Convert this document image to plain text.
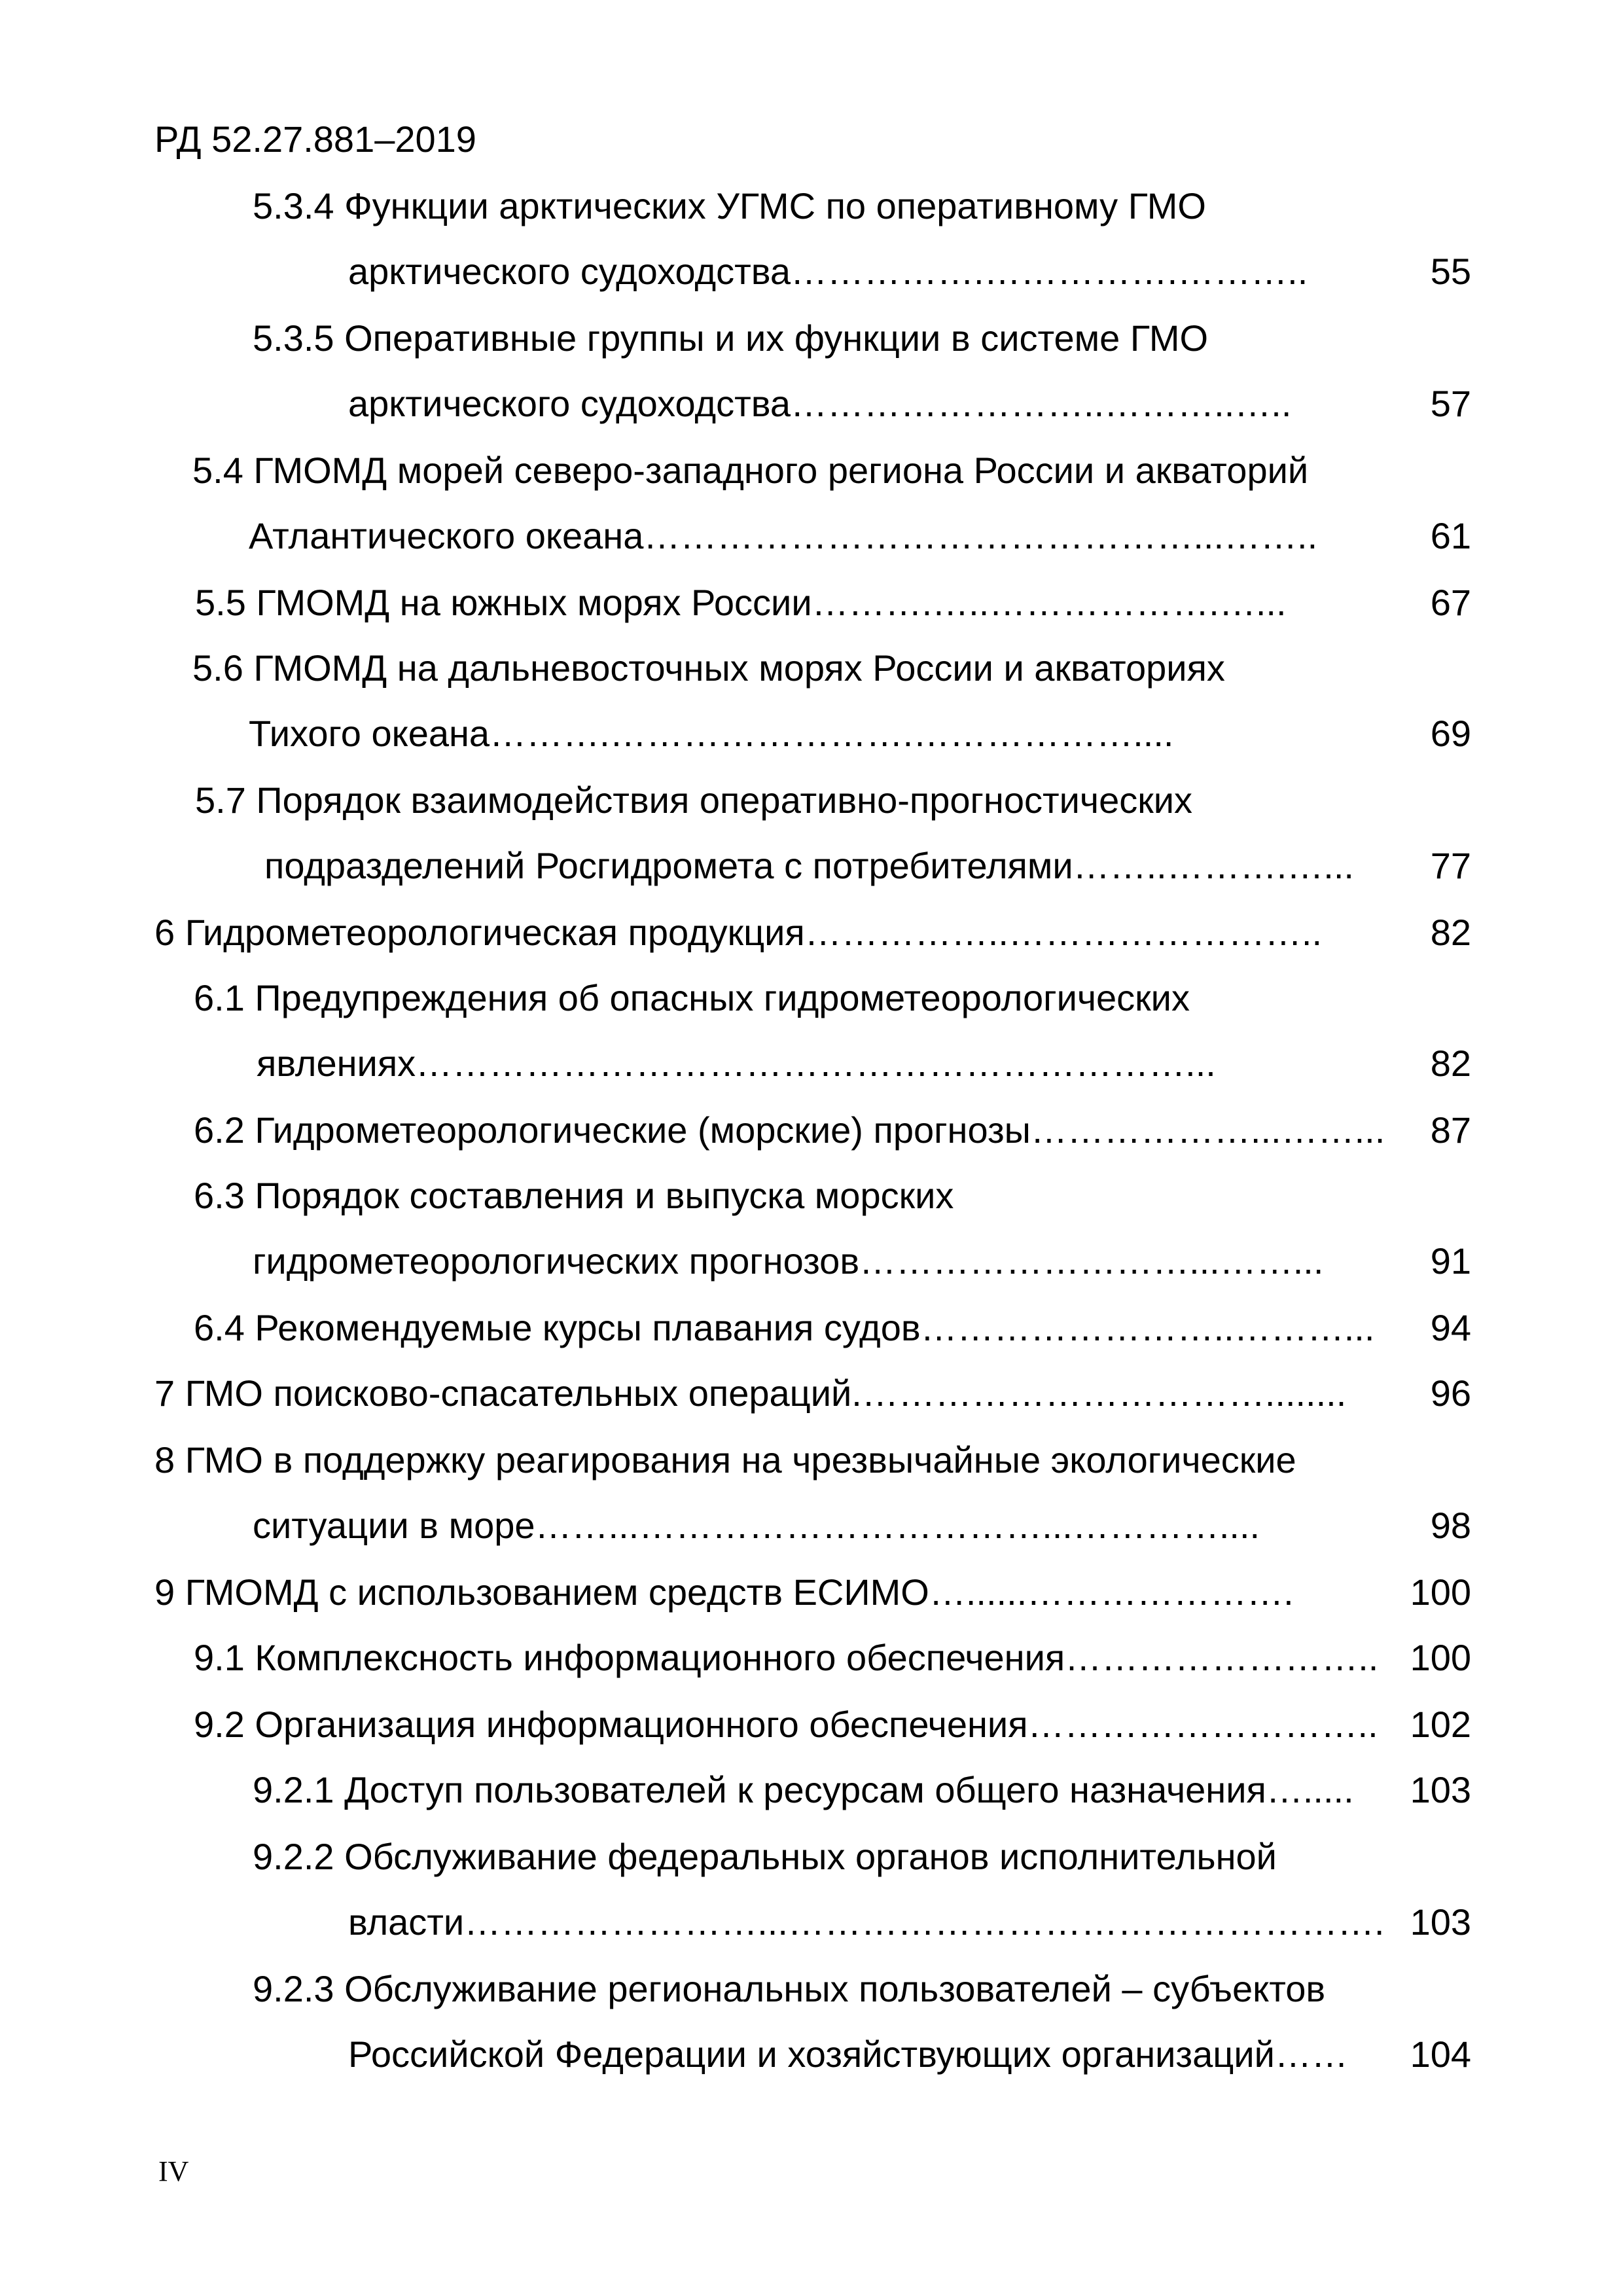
РД 52.27.881–2019
5.3.4 Функции арктических УГМС по оперативному ГМО
арктического судоходства …………….…………….………..	55
5.3.5 Оперативные группы и их функции в системе ГМО
арктического судоходства ……………………..………..…..	57
5.4 ГМОМД морей северо-западного региона России и акваторий
Атлантического океана ………………………………………...……..	61
5.5 ГМОМД на южных морях России ……….…..……………….…...	67
5.6 ГМОМД на дальневосточных морях России и акваториях
Тихого океана ……….…………………….………………....	69
5.7 Порядок взаимодействия оперативно-прогностических
подразделений Росгидромета с потребителями ……..……….…...	77
6 Гидрометеорологическая продукция ……………..……………………..	82
6.1 Предупреждения об опасных гидрометеорологических
явлениях ………………………………………………………...	82
6.2 Гидрометеорологические (морские) прогнозы ………………...……...	87
6.3 Порядок составления и выпуска морских
гидрометеорологических прогнозов ………………………...……...	91
6.4 Рекомендуемые курсы плавания судов ……………………..………...	94
7 ГМО поисково-спасательных операций .……………………………........	96
8 ГМО в поддержку реагирования на чрезвычайные экологические
ситуации в море ……...……………………………...…………....	98
9 ГМОМД с использованием средств ЕСИМО …......………………….	100
9.1 Комплексность информационного обеспечения …………………….. 100
9.2 Организация информационного обеспечения ……………………….. 102
9.2.1 Доступ пользователей к ресурсам общего назначения ….....	103
9.2.2 Обслуживание федеральных органов исполнительной
власти ……………………...…………………………………………. 103
9.2.3 Обслуживание региональных пользователей – субъектов
Российской Федерации и хозяйствующих организаций ……	104
IV
